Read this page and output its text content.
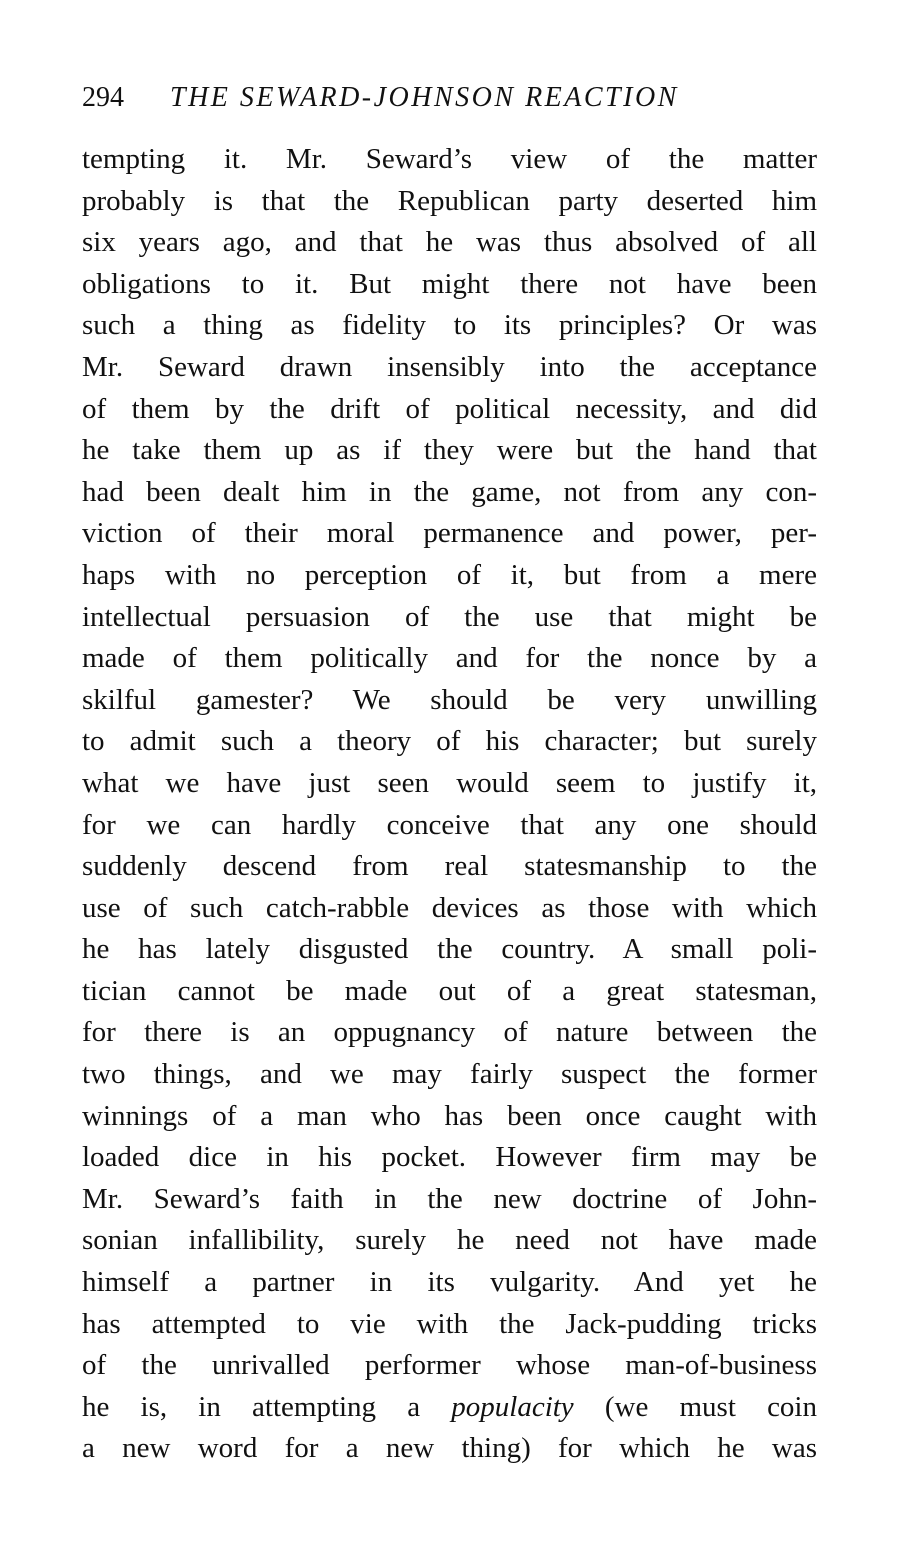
294 THE SEWARD-JOHNSON REACTION
tempting it. Mr. Seward’s view of the matter
probably is that the Republican party deserted him
six years ago, and that he was thus absolved of all
obligations to it. But might there not have been
such a thing as fidelity to its principles? Or was
Mr. Seward drawn insensibly into the acceptance
of them by the drift of political necessity, and did
he take them up as if they were but the hand that
had been dealt him in the game, not from any con-
viction of their moral permanence and power, per-
haps with no perception of it, but from a mere
intellectual persuasion of the use that might be
made of them politically and for the nonce by a
skilful gamester? We should be very unwilling
to admit such a theory of his character; but surely
what we have just seen would seem to justify it,
for we can hardly conceive that any one should
suddenly descend from real statesmanship to the
use of such catch-rabble devices as those with which
he has lately disgusted the country. A small poli-
tician cannot be made out of a great statesman,
for there is an oppugnancy of nature between the
two things, and we may fairly suspect the former
winnings of a man who has been once caught with
loaded dice in his pocket. However firm may be
Mr. Seward’s faith in the new doctrine of John-
sonian infallibility, surely he need not have made
himself a partner in its vulgarity. And yet he
has attempted to vie with the Jack-pudding tricks
of the unrivalled performer whose man-of-business
he is, in attempting a populacity (we must coin
a new word for a new thing) for which he was
